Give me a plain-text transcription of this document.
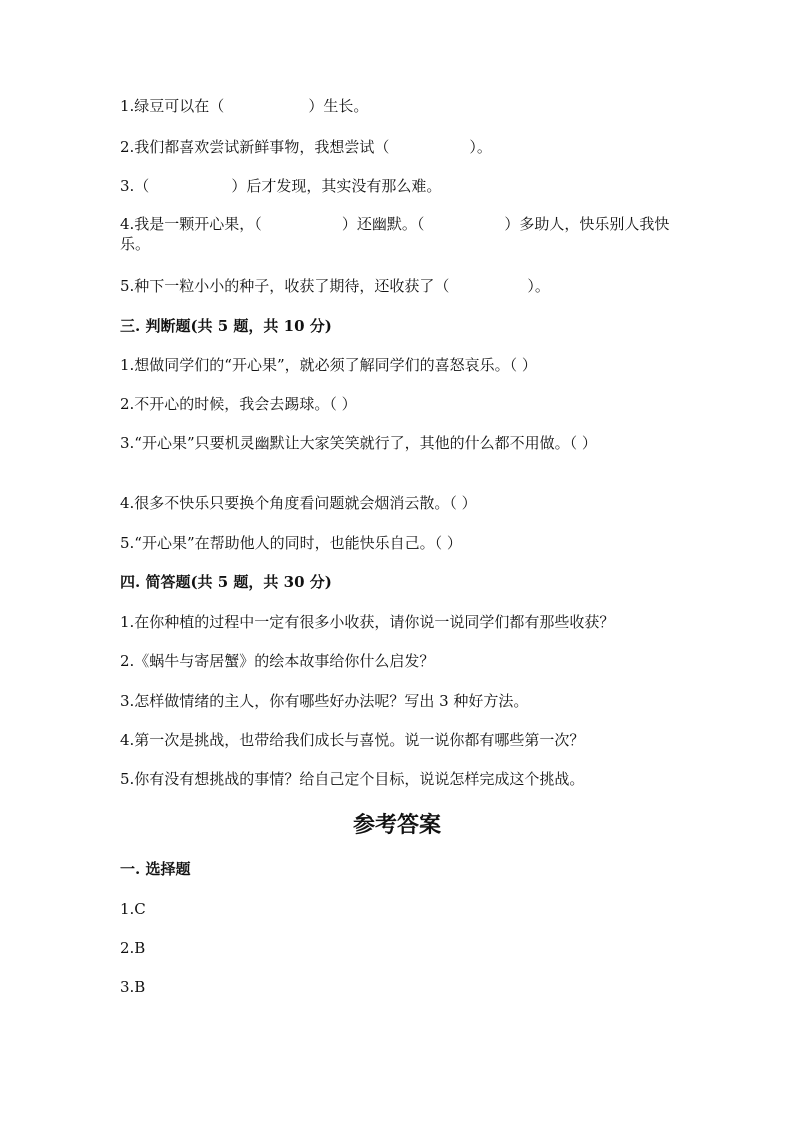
1.绿豆可以在（	）生长。
2.我们都喜欢尝试新鲜事物，我想尝试（	）。
3.（	）后才发现，其实没有那么难。
4.我是一颗开心果，（	）还幽默。（	）多助人，快乐别人我快乐。
5.种下一粒小小的种子，收获了期待，还收获了（	）。
三. 判断题(共 5 题，共 10 分)
1.想做同学们的“开心果”，就必须了解同学们的喜怒哀乐。（ ）
2.不开心的时候，我会去踢球。（ ）
3.“开心果”只要机灵幽默让大家笑笑就行了，其他的什么都不用做。（ ）
4.很多不快乐只要换个角度看问题就会烟消云散。（ ）
5.“开心果”在帮助他人的同时，也能快乐自己。（ ）
四. 简答题(共 5 题，共 30 分)
1.在你种植的过程中一定有很多小收获，请你说一说同学们都有那些收获？
2.《蜗牛与寄居蟹》的绘本故事给你什么启发？
3.怎样做情绪的主人，你有哪些好办法呢？写出 3 种好方法。
4.第一次是挑战，也带给我们成长与喜悦。说一说你都有哪些第一次？
5.你有没有想挑战的事情？给自己定个目标，说说怎样完成这个挑战。
参考答案
一. 选择题
1.C
2.B
3.B
